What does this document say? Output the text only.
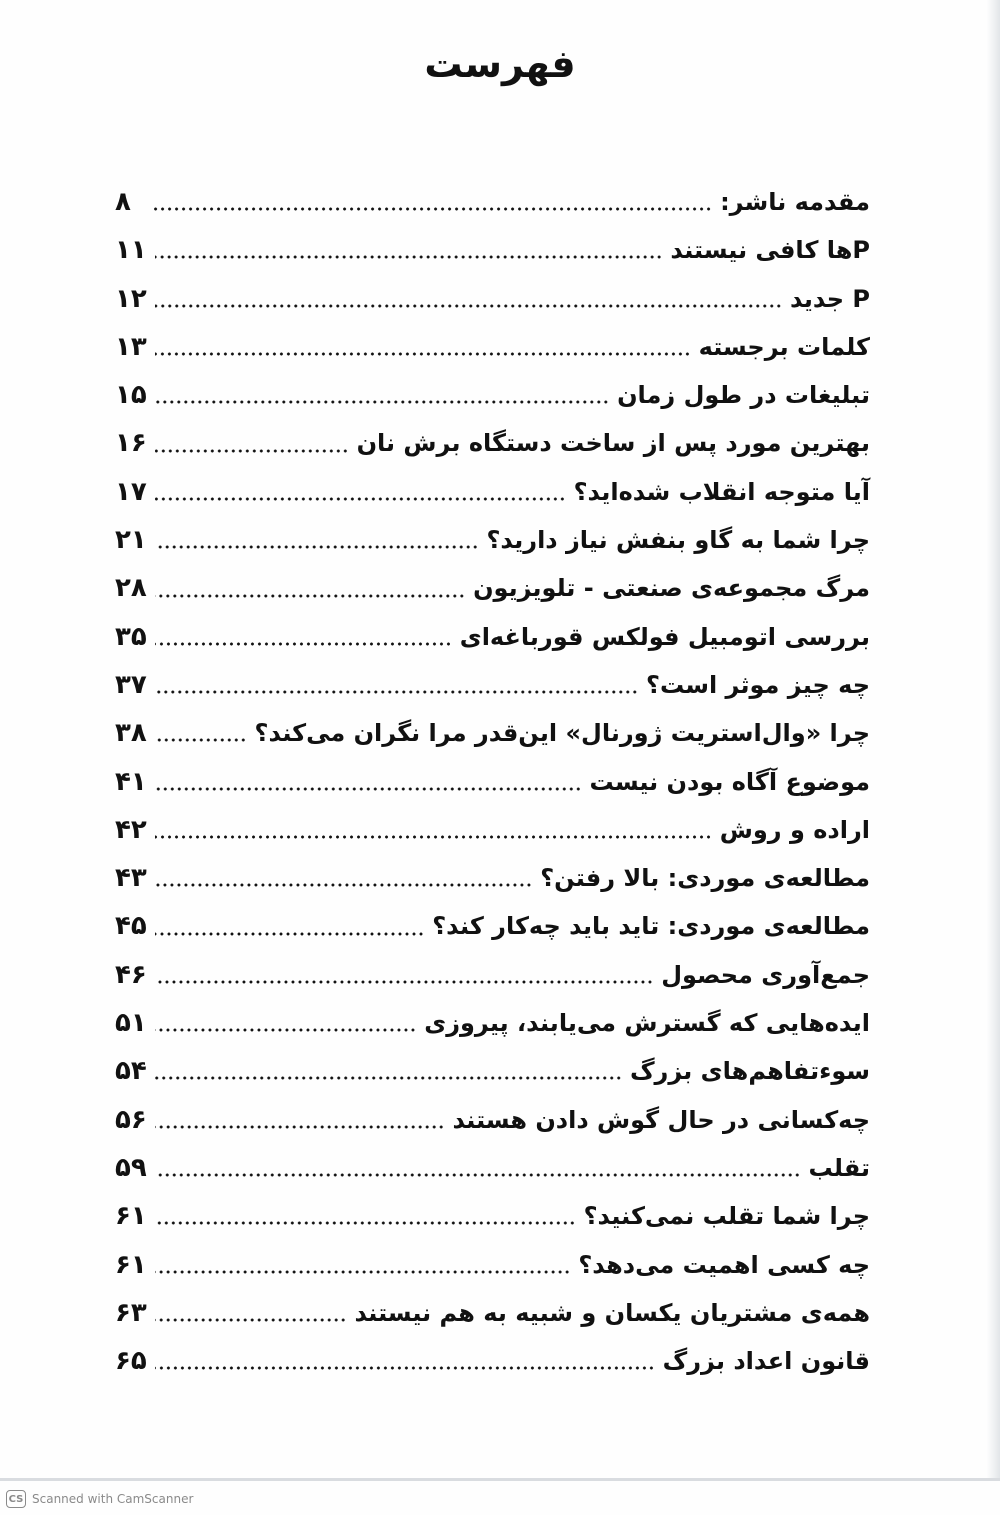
فهرست
مقدمه ناشر:
۸
Pها کافی نیستند
۱۱
P جدید
۱۲
کلمات برجسته
۱۳
تبلیغات در طول زمان
۱۵
بهترین مورد پس از ساخت دستگاه برش نان
۱۶
آیا متوجه انقلاب شده‌اید؟
۱۷
چرا شما به گاو بنفش نیاز دارید؟
۲۱
مرگ مجموعه‌ی صنعتی - تلویزیون
۲۸
بررسی اتومبیل فولکس قورباغه‌ای
۳۵
چه چیز موثر است؟
۳۷
چرا «وال‌استریت ژورنال» این‌قدر مرا نگران می‌کند؟
۳۸
موضوع آگاه بودن نیست
۴۱
اراده و روش
۴۲
مطالعه‌ی موردی: بالا رفتن؟
۴۳
مطالعه‌ی موردی: تاید باید چه‌کار کند؟
۴۵
جمع‌آوری محصول
۴۶
ایده‌هایی که گسترش می‌یابند، پیروزی
۵۱
سوءتفاهم‌های بزرگ
۵۴
چه‌کسانی در حال گوش دادن هستند
۵۶
تقلب
۵۹
چرا شما تقلب نمی‌کنید؟
۶۱
چه کسی اهمیت می‌دهد؟
۶۱
همه‌ی مشتریان یکسان و شبیه به هم نیستند
۶۳
قانون اعداد بزرگ
۶۵
CS Scanned with CamScanner
